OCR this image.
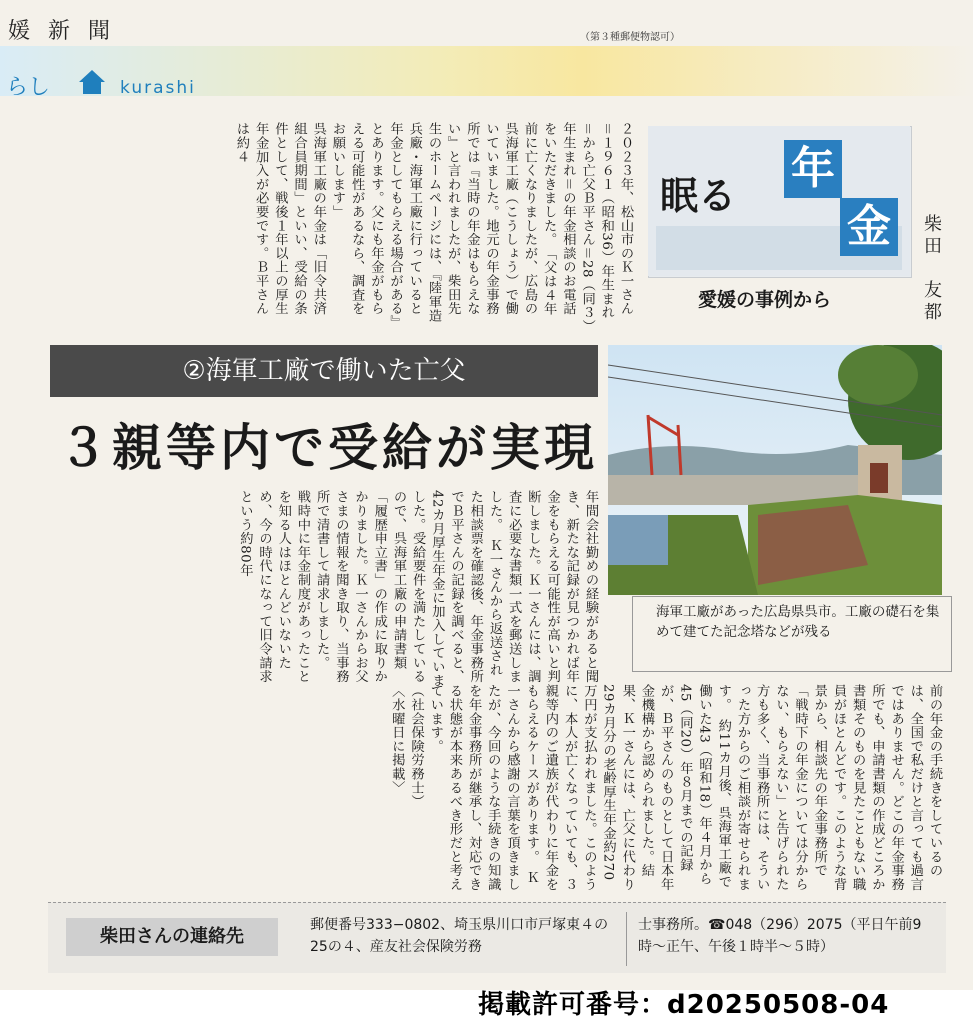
媛新聞	（第３種郵便物認可）
らし	kurashi
２０２３年、松山市のＫ一さん＝１９６１（昭和36）年生まれ＝から亡父Ｂ平さん＝28（同３）年生まれ＝の年金相談のお電話をいただきました。　「父は４年前に亡くなりましたが、広島の呉海軍工廠（こうしょう）で働いていました。地元の年金事務所では『当時の年金はもらえない』と言われましたが、柴田先生のホームページには、『陸軍造兵廠・海軍工廠に行っていると年金としてもらえる場合がある』とあります。父にも年金がもらえる可能性があるなら、調査をお願いします」
呉海軍工廠の年金は「旧令共済組合員期間」といい、受給の条件として、戦後１年以上の厚生年金加入が必要です。Ｂ平さんは約４
眠る
年
金
愛媛の事例から	柴田　友都
②海軍工廠で働いた亡父
３親等内で受給が実現
年間会社勤めの経験があると聞き、新たな記録が見つかれば年金をもらえる可能性が高いと判断しました。Ｋ一さんには、調査に必要な書類一式を郵送しました。　Ｋ一さんから返送された相談票を確認後、年金事務所でＢ平さんの記録を調べると、42カ月厚生年金に加入していました。受給要件を満たしているので、呉海軍工廠の申請書類「履歴申立書」の作成に取りかかりました。Ｋ一さんからお父さまの情報を聞き取り、当事務所で清書して請求しました。　戦時中に年金制度があったことを知る人はほとんどいないため、今の時代になって旧令請求という約80年
海軍工廠があった広島県呉市。工廠の礎石を集めて建てた記念塔などが残る
前の年金の手続きをしているのは、全国で私だけと言っても過言ではありません。どこの年金事務所でも、申請書類の作成どころか書類そのものを見たこともない職員がほとんどです。このような背景から、相談先の年金事務所で「戦時下の年金については分からない、もらえない」と告げられた方も多く、当事務所には、そういった方からのご相談が寄せられます。　約11カ月後、呉海軍工廠で働いた43（昭和18）年４月から45（同20）年８月までの記録が、Ｂ平さんのものとして日本年金機構から認められました。結果、Ｋ一さんには、亡父に代わり29カ月分の老齢厚生年金約270万円が支払われました。このように、本人が亡くなっていても、３親等内のご遺族が代わりに年金をもらえるケースがあります。　Ｋ一さんから感謝の言葉を頂きましたが、今回のような手続きの知識を年金事務所が継承し、対応できる状態が本来あるべき形だと考えています。
（社会保険労務士）
〈水曜日に掲載〉
柴田さんの連絡先
郵便番号333−0802、埼玉県川口市戸塚東４の25の４、産友社会保険労務
士事務所。☎048（296）2075（平日午前9時〜正午、午後１時半〜５時）
掲載許可番号：d20250508-04
